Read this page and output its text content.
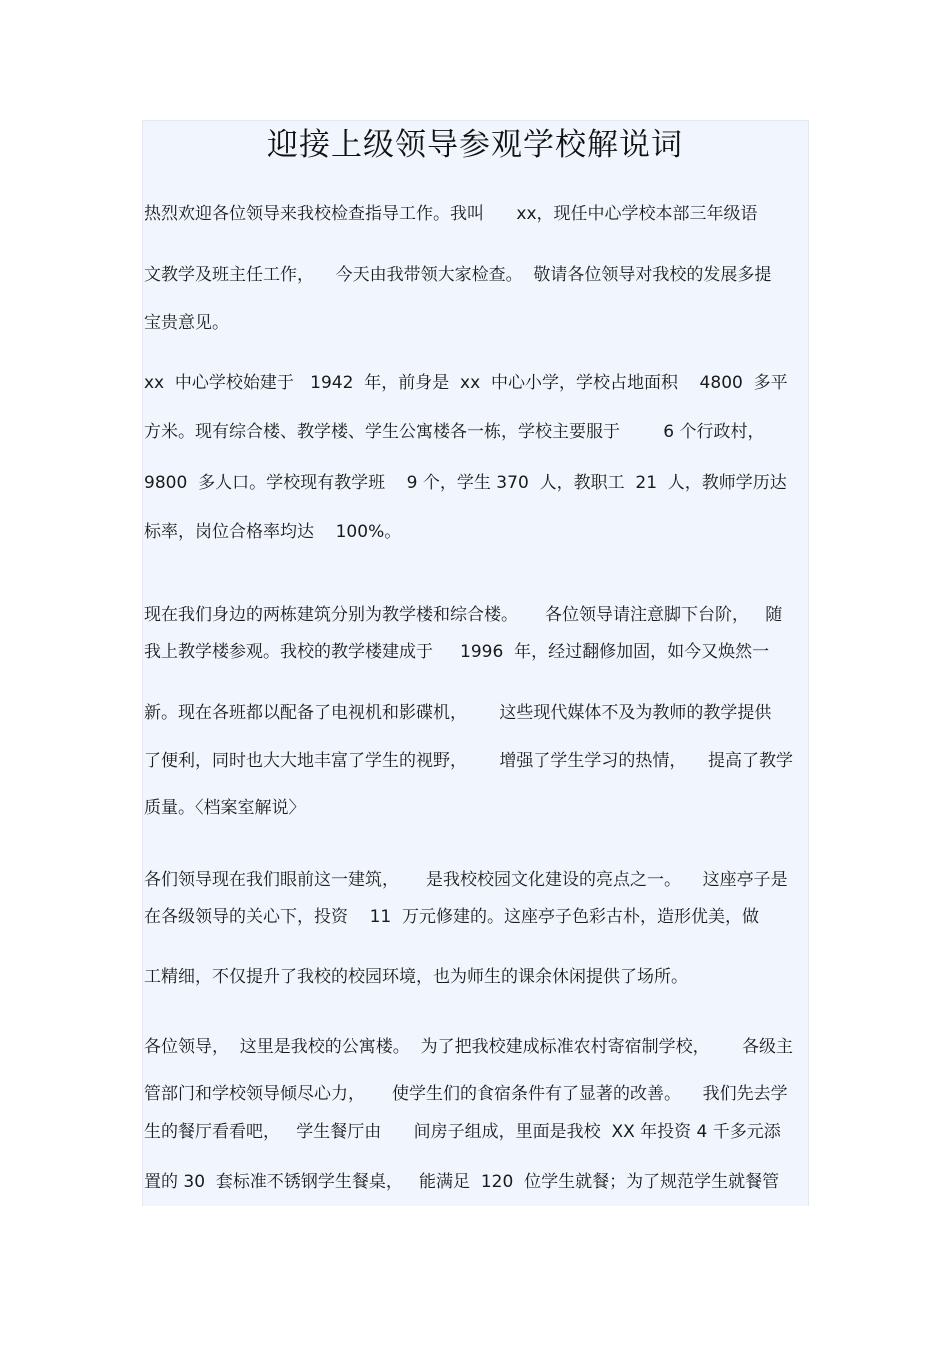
迎接上级领导参观学校解说词
热烈欢迎各位领导来我校检查指导工作。我叫      xx，现任中心学校本部三年级语
文教学及班主任工作，    今天由我带领大家检查。  敬请各位领导对我校的发展多提
宝贵意见。
xx  中心学校始建于   1942  年，前身是  xx  中心小学，学校占地面积    4800  多平
方米。现有综合楼、教学楼、学生公寓楼各一栋，学校主要服于        6 个行政村，
9800  多人口。学校现有教学班    9 个，学生 370  人，教职工  21  人，教师学历达
标率，岗位合格率均达    100%。
现在我们身边的两栋建筑分别为教学楼和综合楼。     各位领导请注意脚下台阶，   随
我上教学楼参观。我校的教学楼建成于     1996  年，经过翻修加固，如今又焕然一
新。现在各班都以配备了电视机和影碟机，      这些现代媒体不及为教师的教学提供
了便利，同时也大大地丰富了学生的视野，      增强了学生学习的热情，    提高了教学
质量。〈档案室解说〉
各们领导现在我们眼前这一建筑，     是我校校园文化建设的亮点之一。    这座亭子是
在各级领导的关心下，投资    11  万元修建的。这座亭子色彩古朴，造形优美，做
工精细，不仅提升了我校的校园环境，也为师生的课余休闲提供了场所。
各位领导，  这里是我校的公寓楼。  为了把我校建成标准农村寄宿制学校，      各级主
管部门和学校领导倾尽心力，     使学生们的食宿条件有了显著的改善。    我们先去学
生的餐厅看看吧，   学生餐厅由      间房子组成，里面是我校  XX 年投资 4 千多元添
置的 30  套标准不锈钢学生餐桌，   能满足  120  位学生就餐；为了规范学生就餐管
